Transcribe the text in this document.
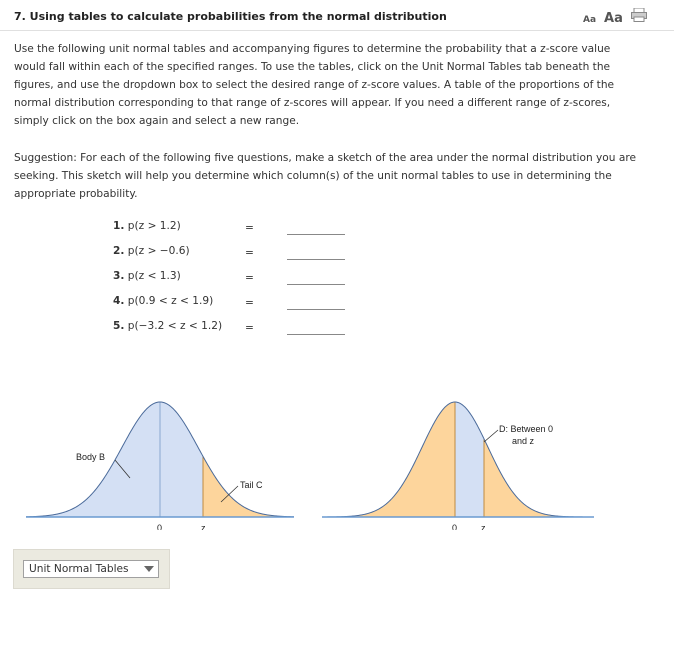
7. Using tables to calculate probabilities from the normal distribution	Aa Aa
Use the following unit normal tables and accompanying figures to determine the probability that a z-score value
would fall within each of the specified ranges. To use the tables, click on the Unit Normal Tables tab beneath the
figures, and use the dropdown box to select the desired range of z-score values. A table of the proportions of the
normal distribution corresponding to that range of z-scores will appear. If you need a different range of z-scores,
simply click on the box again and select a new range.
Suggestion: For each of the following five questions, make a sketch of the area under the normal distribution you are
seeking. This sketch will help you determine which column(s) of the unit normal tables to use in determining the
appropriate probability.
1. p(z > 1.2)	=
2. p(z > −0.6)	=
3. p(z < 1.3)	=
4. p(0.9 < z < 1.9)	=
5. p(−3.2 < z < 1.2) =
Body B
Tail C
0	z
D: Between 0
and z
0	z
Unit Normal Tables
